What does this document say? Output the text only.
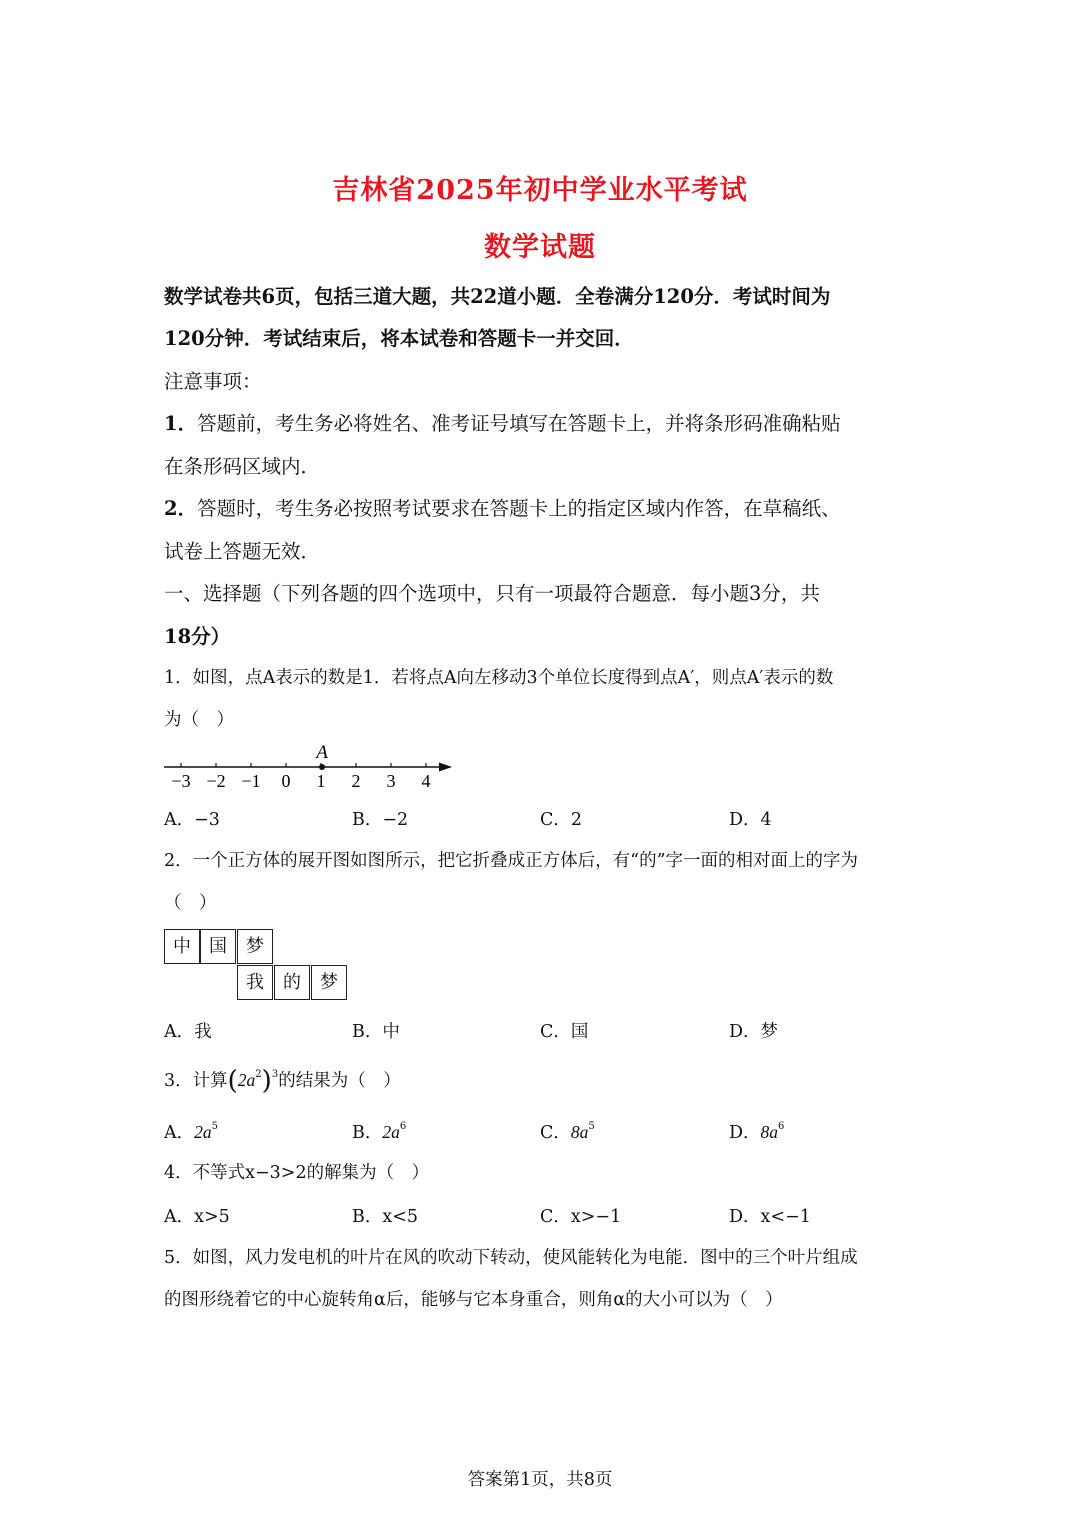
吉林省2025年初中学业水平考试
数学试题
数学试卷共6页，包括三道大题，共22道小题．全卷满分120分．考试时间为
120分钟．考试结束后，将本试卷和答题卡一并交回．
注意事项：
1．答题前，考生务必将姓名、准考证号填写在答题卡上，并将条形码准确粘贴
在条形码区域内．
2．答题时，考生务必按照考试要求在答题卡上的指定区域内作答，在草稿纸、
试卷上答题无效．
一、选择题（下列各题的四个选项中，只有一项最符合题意．每小题3分，共
18分）
1．如图，点A表示的数是1．若将点A向左移动3个单位长度得到点A′，则点A′表示的数
为（　）
A
−3 −2 −1 0 1 2 3 4
A．−3	B．−2	C．2	D．4
2．一个正方体的展开图如图所示，把它折叠成正方体后，有“的”字一面的相对面上的字为
（　）
中	国	梦
我	的	梦
A．我	B．中	C．国	D．梦
3．计算$(2a^2)^3$的结果为（　）
A．$2a^5$	B．$2a^6$	C．$8a^5$	D．$8a^6$
4．不等式x−3>2的解集为（　）
A．x>5	B．x<5	C．x>−1	D．x<−1
5．如图，风力发电机的叶片在风的吹动下转动，使风能转化为电能．图中的三个叶片组成
的图形绕着它的中心旋转角α后，能够与它本身重合，则角α的大小可以为（　）
答案第1页，共8页
